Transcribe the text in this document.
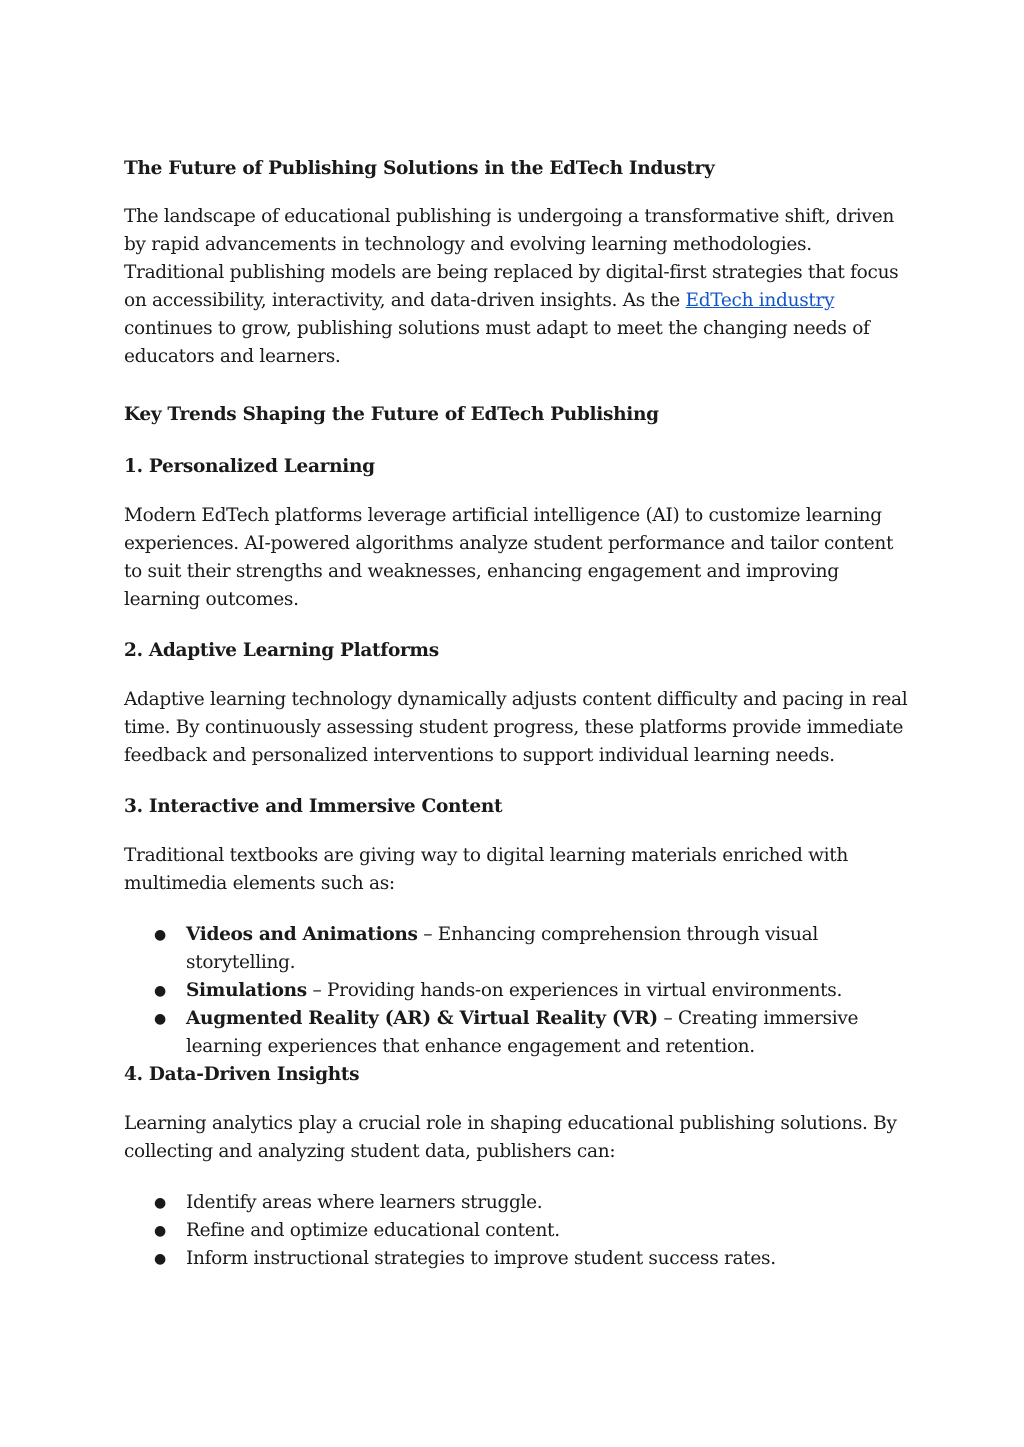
The Future of Publishing Solutions in the EdTech Industry

The landscape of educational publishing is undergoing a transformative shift, driven by rapid advancements in technology and evolving learning methodologies. Traditional publishing models are being replaced by digital-first strategies that focus on accessibility, interactivity, and data-driven insights. As the EdTech industry continues to grow, publishing solutions must adapt to meet the changing needs of educators and learners.

Key Trends Shaping the Future of EdTech Publishing

1. Personalized Learning

Modern EdTech platforms leverage artificial intelligence (AI) to customize learning experiences. AI-powered algorithms analyze student performance and tailor content to suit their strengths and weaknesses, enhancing engagement and improving learning outcomes.

2. Adaptive Learning Platforms

Adaptive learning technology dynamically adjusts content difficulty and pacing in real time. By continuously assessing student progress, these platforms provide immediate feedback and personalized interventions to support individual learning needs.

3. Interactive and Immersive Content

Traditional textbooks are giving way to digital learning materials enriched with multimedia elements such as:

● Videos and Animations – Enhancing comprehension through visual storytelling.
● Simulations – Providing hands-on experiences in virtual environments.
● Augmented Reality (AR) & Virtual Reality (VR) – Creating immersive learning experiences that enhance engagement and retention.

4. Data-Driven Insights

Learning analytics play a crucial role in shaping educational publishing solutions. By collecting and analyzing student data, publishers can:

● Identify areas where learners struggle.
● Refine and optimize educational content.
● Inform instructional strategies to improve student success rates.
